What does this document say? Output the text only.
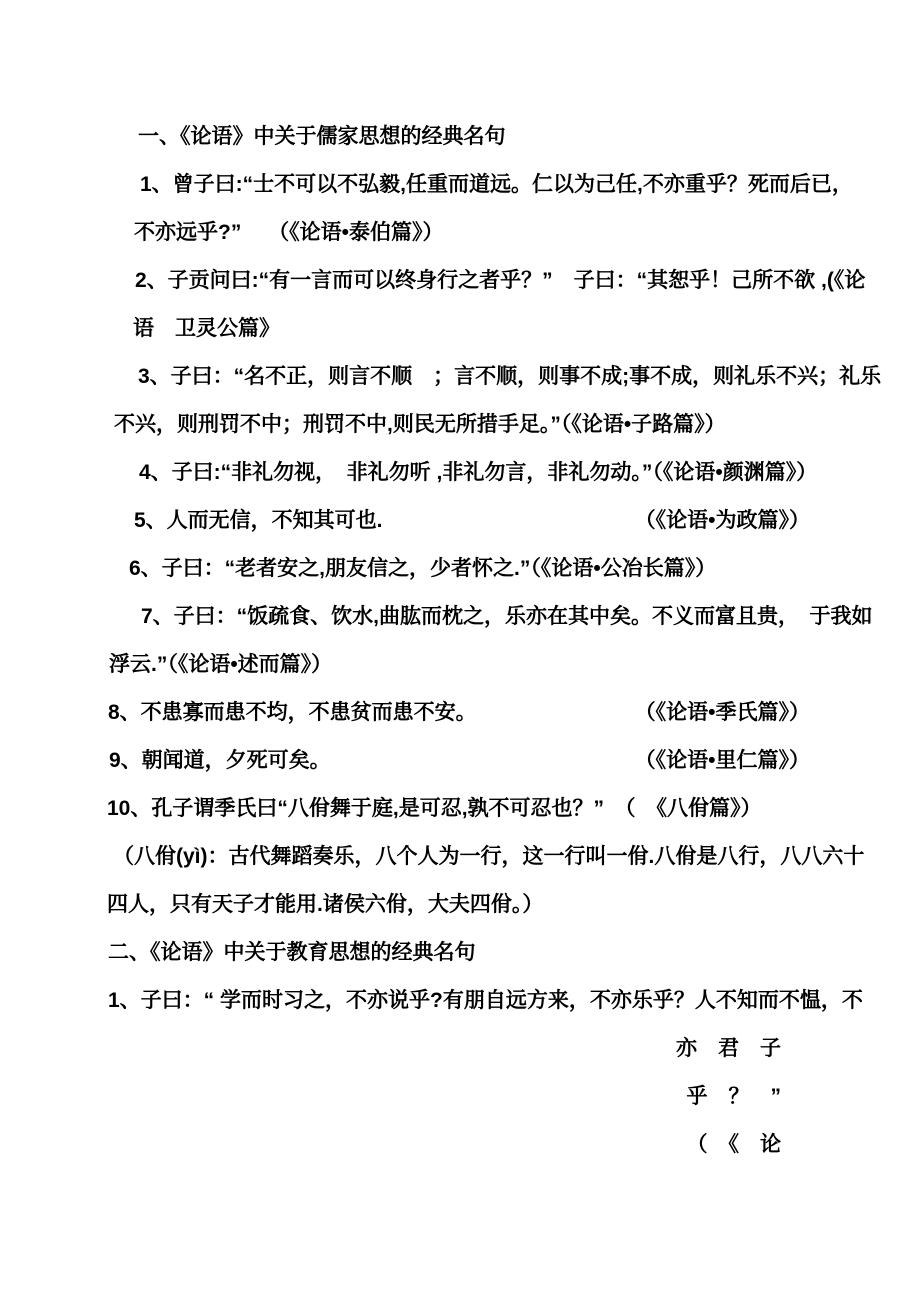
一、《论语》中关于儒家思想的经典名句
1、曾子曰:“士不可以不弘毅,任重而道远。仁以为己任,不亦重乎？死而后已，
不亦远乎?”　 （《论语•泰伯篇》）
2、子贡问曰:“有一言而可以终身行之者乎？”　子曰：“其恕乎！己所不欲 ,(《论
语　卫灵公篇》
3、子曰：“名不正，则言不顺　；言不顺，则事不成;事不成，则礼乐不兴；礼乐
不兴，则刑罚不中；刑罚不中,则民无所措手足。”（《论语•子路篇》）
4、子曰:“非礼勿视，　非礼勿听 ,非礼勿言，非礼勿动。”（《论语•颜渊篇》）
5、人而无信，不知其可也.	（《论语•为政篇》）
6、子曰：“老者安之,朋友信之，少者怀之.”（《论语•公冶长篇》）
7、子曰：“饭疏食、饮水,曲肱而枕之，乐亦在其中矣。不义而富且贵，　于我如
浮云.”（《论语•述而篇》）
8、不患寡而患不均，不患贫而患不安。	（《论语•季氏篇》）
9、朝闻道，夕死可矣。	（《论语•里仁篇》）
10、孔子谓季氏曰“八佾舞于庭,是可忍,孰不可忍也？”　（　《八佾篇》）
（八佾(yì)：古代舞蹈奏乐，八个人为一行，这一行叫一佾.八佾是八行，八八六十
四人，只有天子才能用.诸侯六佾，大夫四佾。）
二、《论语》中关于教育思想的经典名句
1、子曰：“ 学而时习之，不亦说乎?有朋自远方来，不亦乐乎？人不知而不愠，不
亦　君　子
乎　？　”
（　《　论
